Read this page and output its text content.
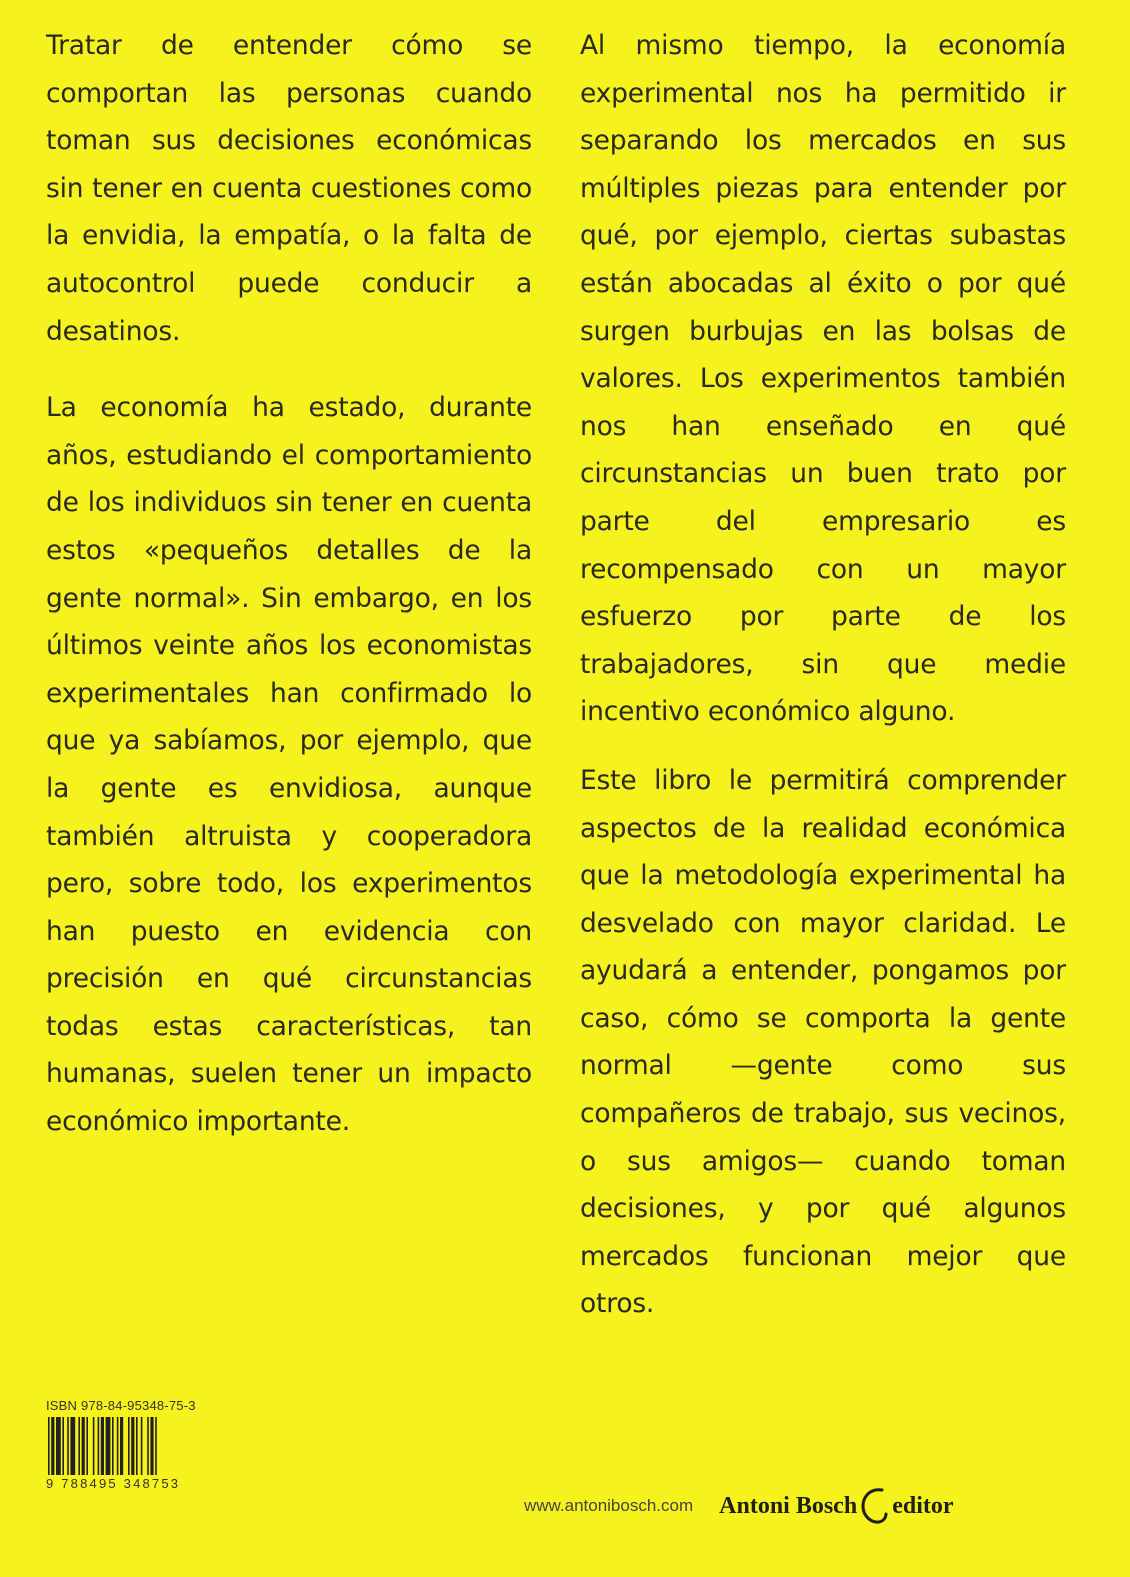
Tratar de entender cómo se comportan las personas cuando toman sus decisiones económicas sin tener en cuenta cuestiones como la envidia, la empatía, o la falta de autocontrol puede conducir a desatinos.

La economía ha estado, durante años, estudiando el comportamiento de los individuos sin tener en cuenta estos «pequeños detalles de la gente normal». Sin embargo, en los últimos veinte años los economistas experimentales han confirmado lo que ya sabíamos, por ejemplo, que la gente es envidiosa, aunque también altruista y cooperadora pero, sobre todo, los experimentos han puesto en evidencia con precisión en qué circunstancias todas estas características, tan humanas, suelen tener un impacto económico importante.

Al mismo tiempo, la economía experimental nos ha permitido ir separando los mercados en sus múltiples piezas para entender por qué, por ejemplo, ciertas subastas están abocadas al éxito o por qué surgen burbujas en las bolsas de valores. Los experimentos también nos han enseñado en qué circunstancias un buen trato por parte del empresario es recompensado con un mayor esfuerzo por parte de los trabajadores, sin que medie incentivo económico alguno.

Este libro le permitirá comprender aspectos de la realidad económica que la metodología experimental ha desvelado con mayor claridad. Le ayudará a entender, pongamos por caso, cómo se comporta la gente normal —gente como sus compañeros de trabajo, sus vecinos, o sus amigos— cuando toman decisiones, y por qué algunos mercados funcionan mejor que otros.

ISBN 978-84-95348-75-3
9 788495 348753
www.antonibosch.com Antoni Bosch editor
